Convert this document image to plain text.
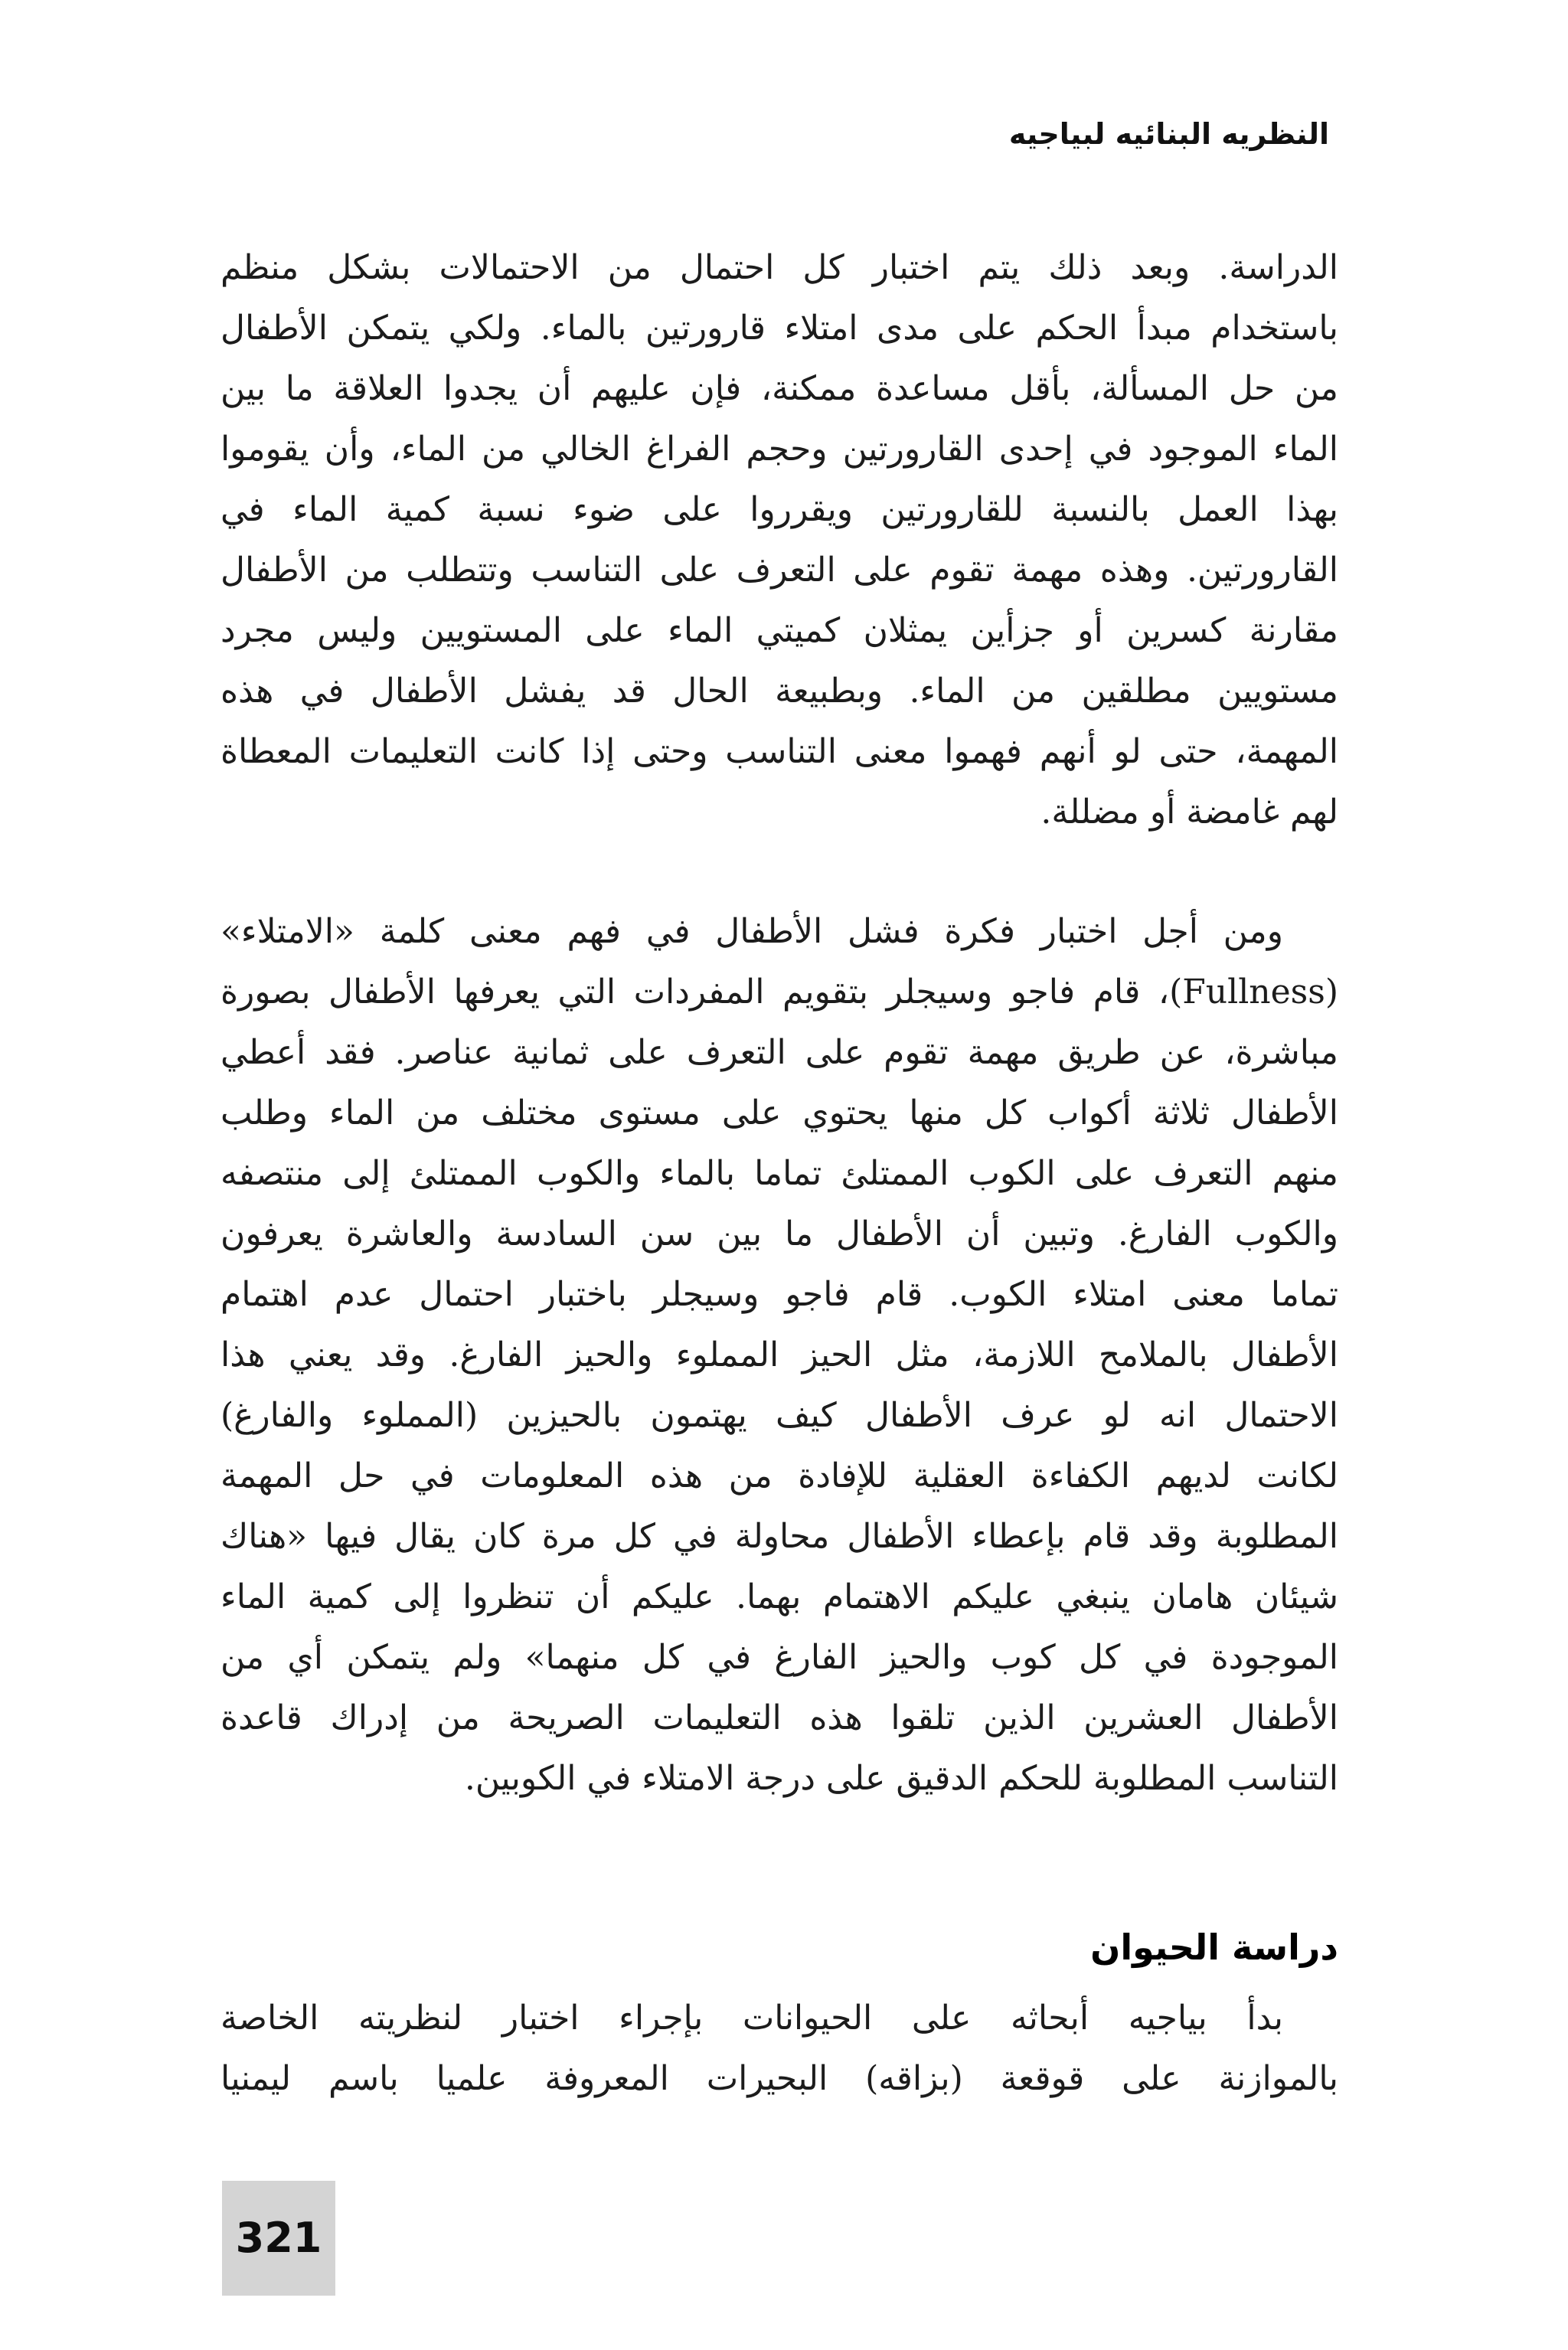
النظريه البنائيه لبياجيه
الدراسة. وبعد ذلك يتم اختبار كل احتمال من الاحتمالات بشكل منظم
باستخدام مبدأ الحكم على مدى امتلاء قارورتين بالماء. ولكي يتمكن الأطفال
من حل المسألة، بأقل مساعدة ممكنة، فإن عليهم أن يجدوا العلاقة ما بين
الماء الموجود في إحدى القارورتين وحجم الفراغ الخالي من الماء، وأن يقوموا
بهذا العمل بالنسبة للقارورتين ويقرروا على ضوء نسبة كمية الماء في
القارورتين. وهذه مهمة تقوم على التعرف على التناسب وتتطلب من الأطفال
مقارنة كسرين أو جزأين يمثلان كميتي الماء على المستويين وليس مجرد
مستويين مطلقين من الماء. وبطبيعة الحال قد يفشل الأطفال في هذه
المهمة، حتى لو أنهم فهموا معنى التناسب وحتى إذا كانت التعليمات المعطاة
لهم غامضة أو مضللة.
ومن أجل اختبار فكرة فشل الأطفال في فهم معنى كلمة «الامتلاء»
(Fullness)، قام فاجو وسيجلر بتقويم المفردات التي يعرفها الأطفال بصورة
مباشرة، عن طريق مهمة تقوم على التعرف على ثمانية عناصر. فقد أعطي
الأطفال ثلاثة أكواب كل منها يحتوي على مستوى مختلف من الماء وطلب
منهم التعرف على الكوب الممتلئ تماما بالماء والكوب الممتلئ إلى منتصفه
والكوب الفارغ. وتبين أن الأطفال ما بين سن السادسة والعاشرة يعرفون
تماما معنى امتلاء الكوب. قام فاجو وسيجلر باختبار احتمال عدم اهتمام
الأطفال بالملامح اللازمة، مثل الحيز المملوء والحيز الفارغ. وقد يعني هذا
الاحتمال انه لو عرف الأطفال كيف يهتمون بالحيزين (المملوء والفارغ)
لكانت لديهم الكفاءة العقلية للإفادة من هذه المعلومات في حل المهمة
المطلوبة وقد قام بإعطاء الأطفال محاولة في كل مرة كان يقال فيها «هناك
شيئان هامان ينبغي عليكم الاهتمام بهما. عليكم أن تنظروا إلى كمية الماء
الموجودة في كل كوب والحيز الفارغ في كل منهما» ولم يتمكن أي من
الأطفال العشرين الذين تلقوا هذه التعليمات الصريحة من إدراك قاعدة
التناسب المطلوبة للحكم الدقيق على درجة الامتلاء في الكوبين.
دراسة الحيوان
بدأ بياجيه أبحاثه على الحيوانات بإجراء اختبار لنظريته الخاصة
بالموازنة على قوقعة (بزاقه) البحيرات المعروفة علميا باسم ليمنيا
321
